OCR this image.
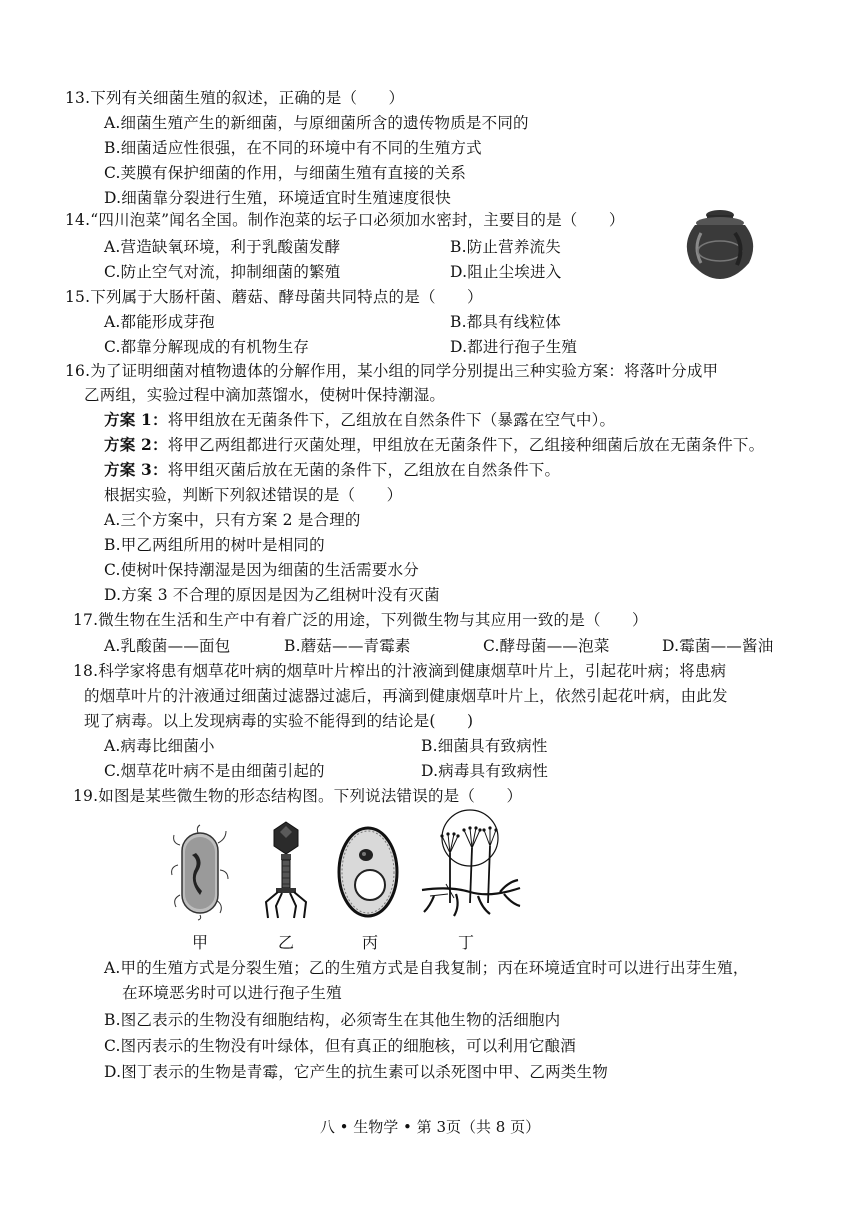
13.下列有关细菌生殖的叙述，正确的是（　　）
A.细菌生殖产生的新细菌，与原细菌所含的遗传物质是不同的
B.细菌适应性很强，在不同的环境中有不同的生殖方式
C.荚膜有保护细菌的作用，与细菌生殖有直接的关系
D.细菌靠分裂进行生殖，环境适宜时生殖速度很快
14.“四川泡菜”闻名全国。制作泡菜的坛子口必须加水密封，主要目的是（　　）
A.营造缺氧环境，利于乳酸菌发酵	B.防止营养流失
C.防止空气对流，抑制细菌的繁殖	D.阻止尘埃进入
15.下列属于大肠杆菌、蘑菇、酵母菌共同特点的是（　　）
A.都能形成芽孢	B.都具有线粒体
C.都靠分解现成的有机物生存	D.都进行孢子生殖
16.为了证明细菌对植物遗体的分解作用，某小组的同学分别提出三种实验方案：将落叶分成甲
乙两组，实验过程中滴加蒸馏水，使树叶保持潮湿。
方案 1：将甲组放在无菌条件下，乙组放在自然条件下（暴露在空气中）。
方案 2：将甲乙两组都进行灭菌处理，甲组放在无菌条件下，乙组接种细菌后放在无菌条件下。
方案 3：将甲组灭菌后放在无菌的条件下，乙组放在自然条件下。
根据实验，判断下列叙述错误的是（　　）
A.三个方案中，只有方案 2 是合理的
B.甲乙两组所用的树叶是相同的
C.使树叶保持潮湿是因为细菌的生活需要水分
D.方案 3 不合理的原因是因为乙组树叶没有灭菌
17.微生物在生活和生产中有着广泛的用途，下列微生物与其应用一致的是（　　）
A.乳酸菌——面包	B.蘑菇——青霉素	C.酵母菌——泡菜	D.霉菌——酱油
18.科学家将患有烟草花叶病的烟草叶片榨出的汁液滴到健康烟草叶片上，引起花叶病；将患病
的烟草叶片的汁液通过细菌过滤器过滤后，再滴到健康烟草叶片上，依然引起花叶病，由此发
现了病毒。以上发现病毒的实验不能得到的结论是(　　)
A.病毒比细菌小	B.细菌具有致病性
C.烟草花叶病不是由细菌引起的	D.病毒具有致病性
19.如图是某些微生物的形态结构图。下列说法错误的是（　　）
甲	乙	丙	丁
A.甲的生殖方式是分裂生殖；乙的生殖方式是自我复制；丙在环境适宜时可以进行出芽生殖，
在环境恶劣时可以进行孢子生殖
B.图乙表示的生物没有细胞结构，必须寄生在其他生物的活细胞内
C.图丙表示的生物没有叶绿体，但有真正的细胞核，可以利用它酿酒
D.图丁表示的生物是青霉，它产生的抗生素可以杀死图中甲、乙两类生物
八 • 生物学 • 第 3页（共 8 页）
